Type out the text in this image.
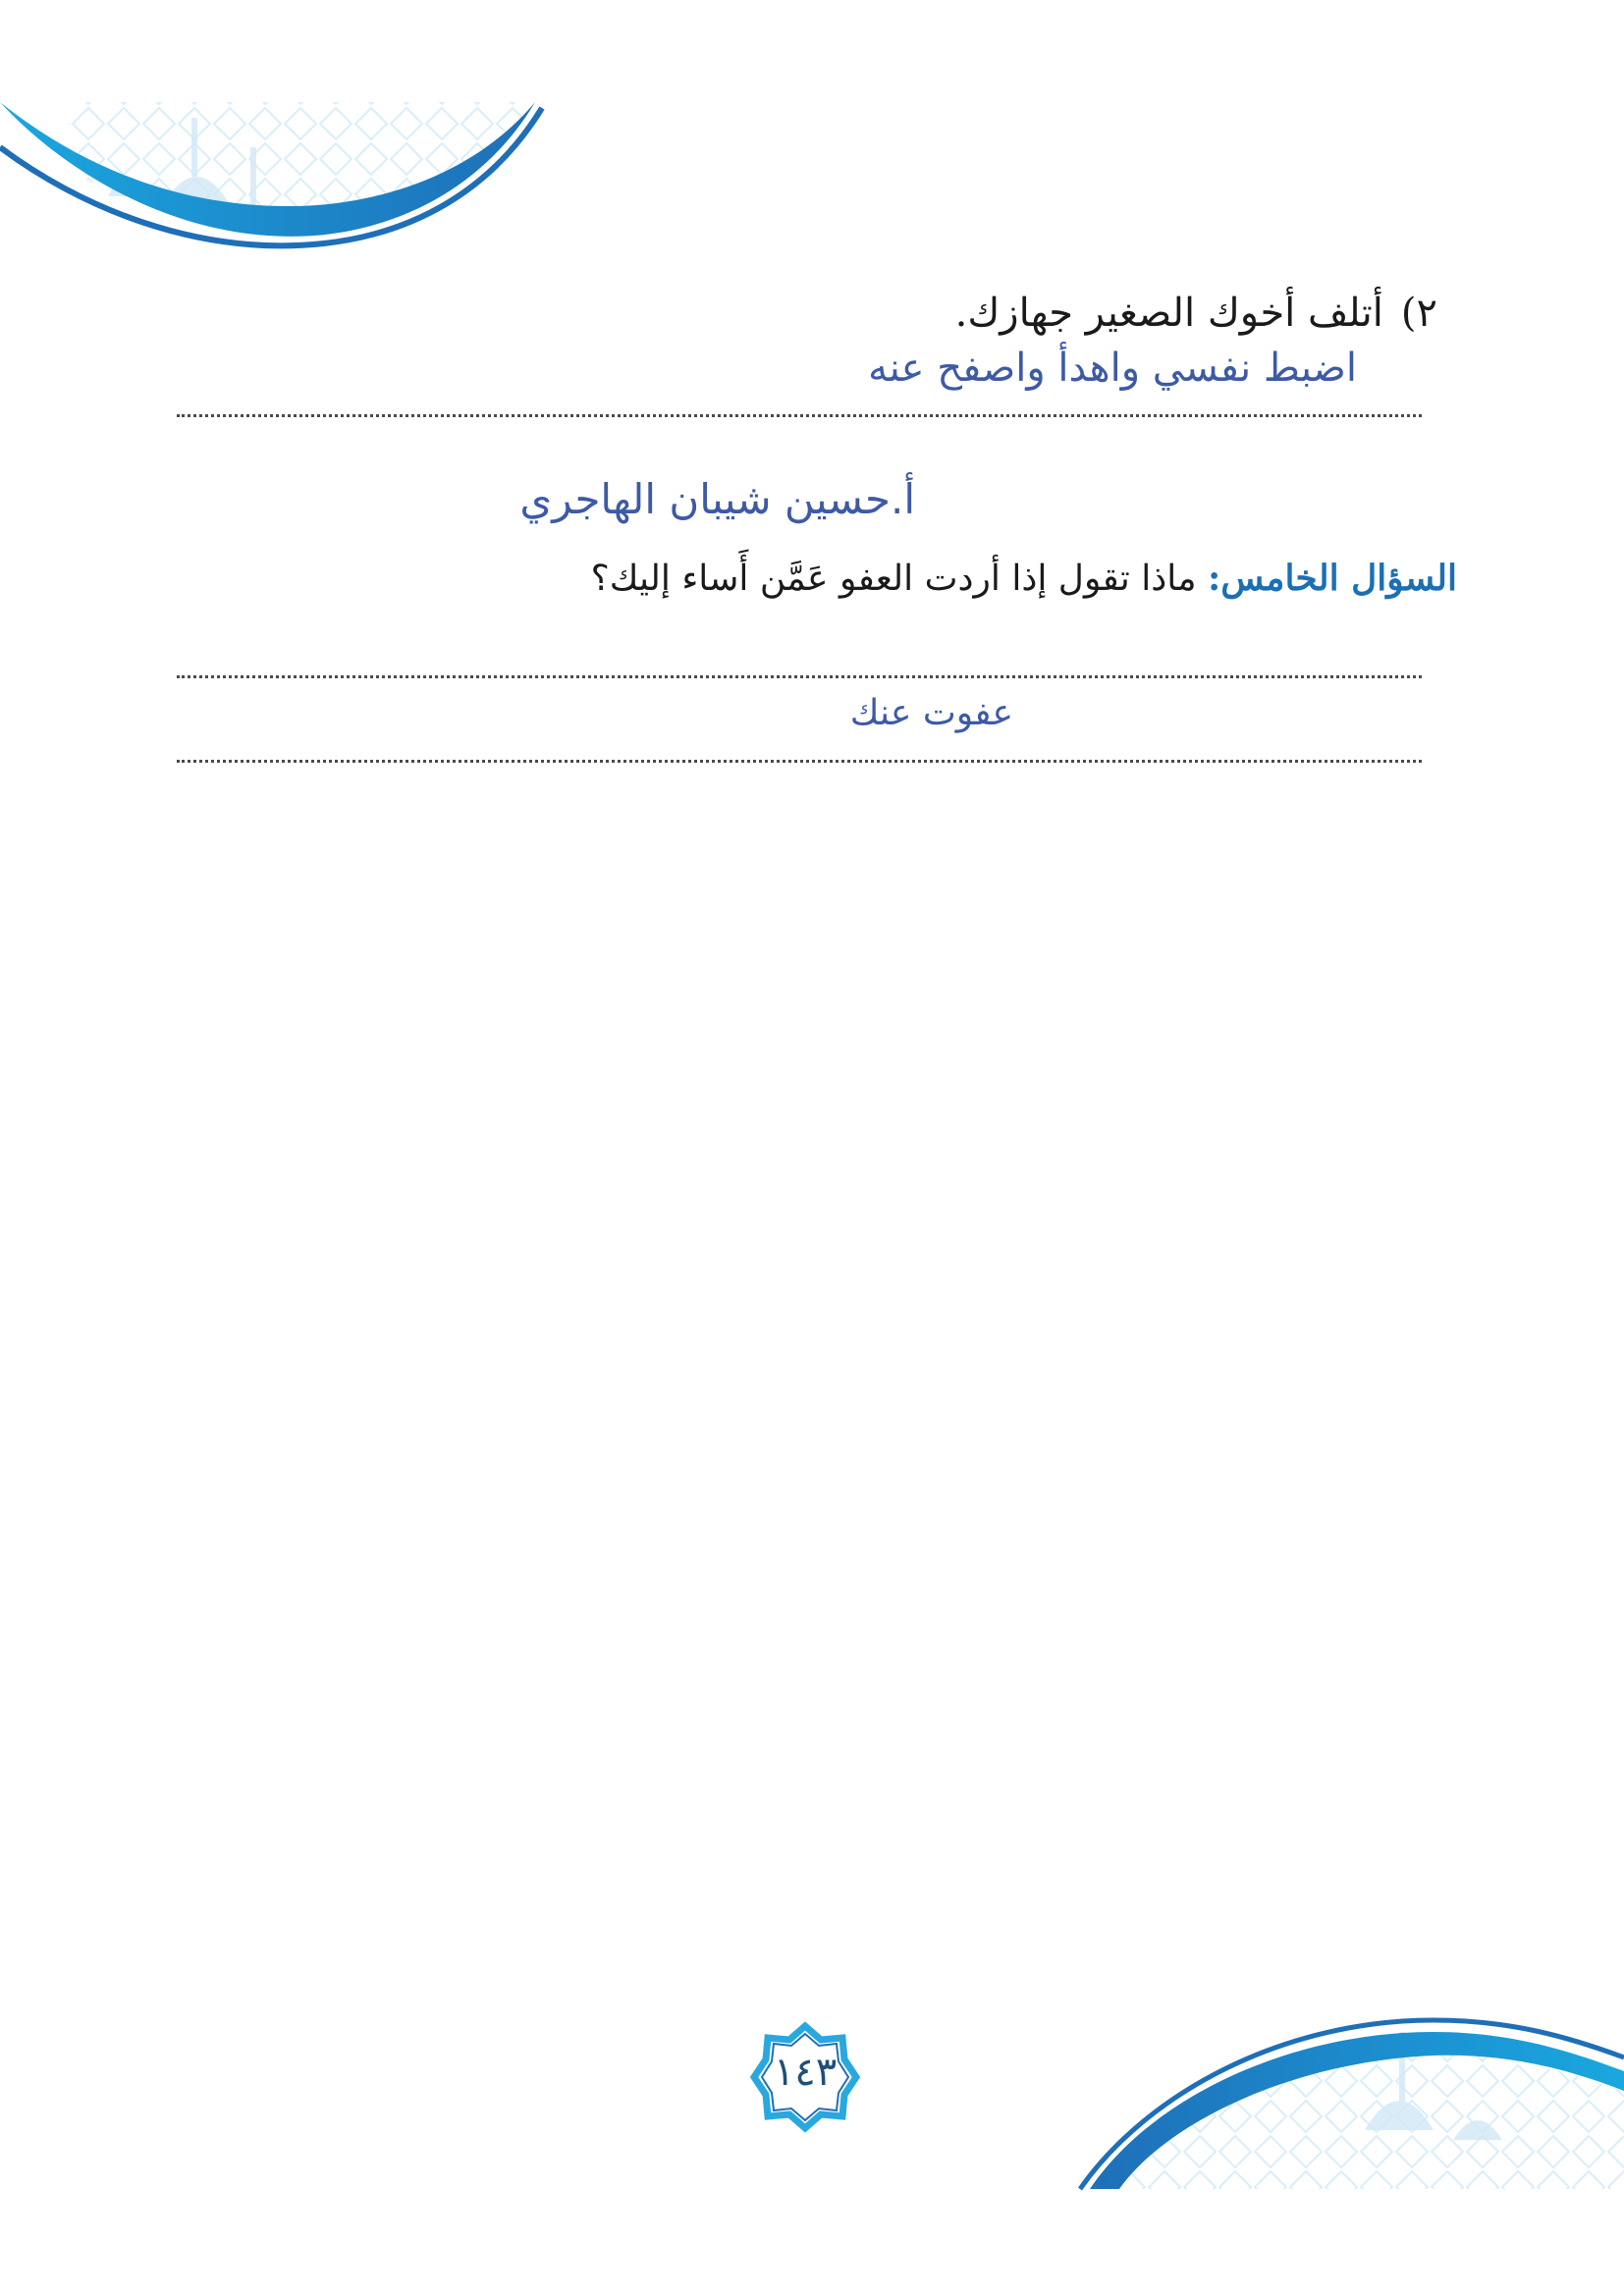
٢)أتلف أخوك الصغير جهازك.
اضبط نفسي واهدأ واصفح عنه
أ.حسين شيبان الهاجري
السؤال الخامس: ماذا تقول إذا أردت العفو عَمَّن أَساء إليك؟
عفوت عنك
١٤٣
